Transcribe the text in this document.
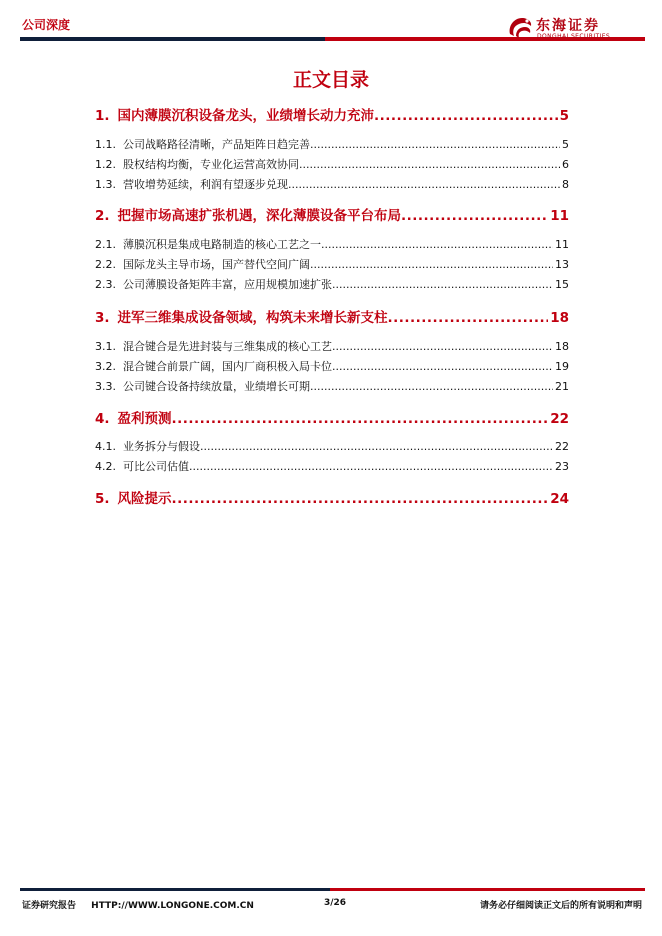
公司深度	东海证券
DONGHAI SECURITIES
正文目录
1. 国内薄膜沉积设备龙头，业绩增长动力充沛 .....	5
1.1. 公司战略路径清晰，产品矩阵日趋完善 .....	5
1.2. 股权结构均衡，专业化运营高效协同 .....	6
1.3. 营收增势延续，利润有望逐步兑现 .....	8
2. 把握市场高速扩张机遇，深化薄膜设备平台布局 .....	11
2.1. 薄膜沉积是集成电路制造的核心工艺之一 .....	11
2.2. 国际龙头主导市场，国产替代空间广阔 .....	13
2.3. 公司薄膜设备矩阵丰富，应用规模加速扩张 .....	15
3. 进军三维集成设备领域，构筑未来增长新支柱 .....	18
3.1. 混合键合是先进封装与三维集成的核心工艺 .....	18
3.2. 混合键合前景广阔，国内厂商积极入局卡位 .....	19
3.3. 公司键合设备持续放量，业绩增长可期 .....	21
4. 盈利预测 .....	22
4.1. 业务拆分与假设 .....	22
4.2. 可比公司估值 .....	23
5. 风险提示 .....	24
证券研究报告 HTTP://WWW.LONGONE.COM.CN	3/26	请务必仔细阅读正文后的所有说明和声明
